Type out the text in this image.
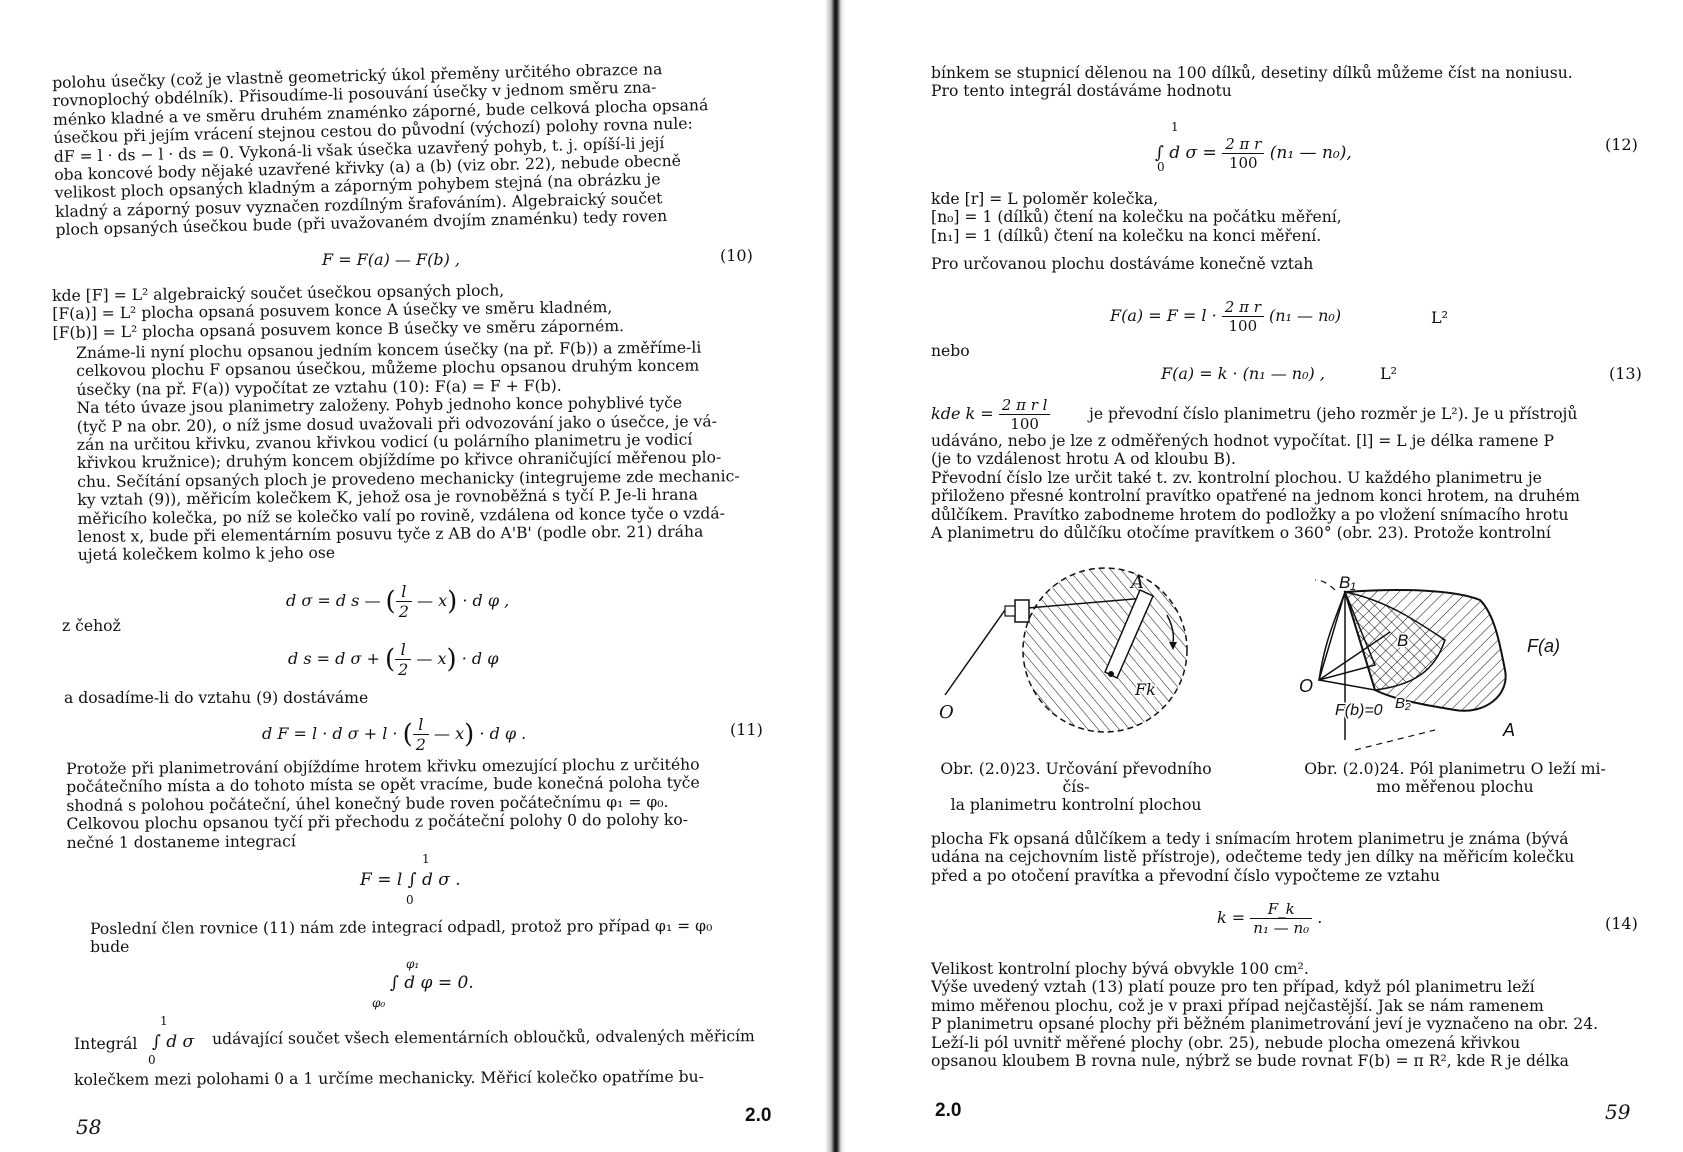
polohu úsečky (což je vlastně geometrický úkol přeměny určitého obrazce na
rovnoplochý obdélník). Přisoudíme-li posouvání úsečky v jednom směru zna-
ménko kladné a ve směru druhém znaménko záporné, bude celková plocha opsaná
úsečkou při jejím vrácení stejnou cestou do původní (výchozí) polohy rovna nule:
dF = l · ds − l · ds = 0. Vykoná-li však úsečka uzavřený pohyb, t. j. opíší-li její
oba koncové body nějaké uzavřené křivky (a) a (b) (viz obr. 22), nebude obecně
velikost ploch opsaných kladným a záporným pohybem stejná (na obrázku je
kladný a záporný posuv vyznačen rozdílným šrafováním). Algebraický součet
ploch opsaných úsečkou bude (při uvažovaném dvojím znaménku) tedy roven
F = F(a) — F(b) ,	(10)
kde [F] = L² algebraický součet úsečkou opsaných ploch,
[F(a)] = L² plocha opsaná posuvem konce A úsečky ve směru kladném,
[F(b)] = L² plocha opsaná posuvem konce B úsečky ve směru záporném.
Známe-li nyní plochu opsanou jedním koncem úsečky (na př. F(b)) a změříme-li
celkovou plochu F opsanou úsečkou, můžeme plochu opsanou druhým koncem
úsečky (na př. F(a)) vypočítat ze vztahu (10): F(a) = F + F(b).
Na této úvaze jsou planimetry založeny. Pohyb jednoho konce pohyblivé tyče
(tyč P na obr. 20), o níž jsme dosud uvažovali při odvozování jako o úsečce, je vá-
zán na určitou křivku, zvanou křivkou vodicí (u polárního planimetru je vodicí
křivkou kružnice); druhým koncem objíždíme po křivce ohraničující měřenou plo-
chu. Sečítání opsaných ploch je provedeno mechanicky (integrujeme zde mechanic-
ky vztah (9)), měřicím kolečkem K, jehož osa je rovnoběžná s tyčí P. Je-li hrana
měřicího kolečka, po níž se kolečko valí po rovině, vzdálena od konce tyče o vzdá-
lenost x, bude při elementárním posuvu tyče z AB do A'B' (podle obr. 21) dráha
ujetá kolečkem kolmo k jeho ose
d σ = d s — ( $\frac{l}{2}$ — x) · d φ ,
z čehož
d s = d σ + ( $\frac{l}{2}$ — x) · d φ
a dosadíme-li do vztahu (9) dostáváme
d F = l · d σ + l · ( $\frac{l}{2}$ — x) · d φ .	(11)
Protože při planimetrování objíždíme hrotem křivku omezující plochu z určitého
počátečního místa a do tohoto místa se opět vracíme, bude konečná poloha tyče
shodná s polohou počáteční, úhel konečný bude roven počátečnímu φ₁ = φ₀.
Celkovou plochu opsanou tyčí při přechodu z počáteční polohy 0 do polohy ko-
nečné 1 dostaneme integrací
F = l ∫ d σ .
1
0
Poslední člen rovnice (11) nám zde integrací odpadl, protož pro případ φ₁ = φ₀
bude
∫ d φ = 0.
φ₁
φ₀
Integrál ∫ d σ
1
0
udávající součet všech elementárních obloučků, odvalených měřicím
kolečkem mezi polohami 0 a 1 určíme mechanicky. Měřicí kolečko opatříme bu-
58	2.0
bínkem se stupnicí dělenou na 100 dílků, desetiny dílků můžeme číst na noniusu.
Pro tento integrál dostáváme hodnotu
∫ d $\sigma = \frac{\text{2 π r}}{100} (n_1$ — n₀),
1
0
(12)
kde [r] = L poloměr kolečka,
[n₀] = 1 (dílků) čtení na kolečku na počátku měření,
[n₁] = 1 (dílků) čtení na kolečku na konci měření.
Pro určovanou plochu dostáváme konečně vztah
$F(a) = F = l \cdot \frac{\text{2 π r}}{100} (n_1$ — n₀)	L²
nebo
F(a) = k · (n₁ — n₀) ,	L²	(13)
kde $k = \frac{\text{2 π r l}}{100}$ je převodní číslo planimetru (jeho rozměr je L²). Je u přístrojů
udáváno, nebo je lze z odměřených hodnot vypočítat. [l] = L je délka ramene P
(je to vzdálenost hrotu A od kloubu B).
Převodní číslo lze určit také t. zv. kontrolní plochou. U každého planimetru je
přiloženo přesné kontrolní pravítko opatřené na jednom konci hrotem, na druhém
důlčíkem. Pravítko zabodneme hrotem do podložky a po vložení snímacího hrotu
A planimetru do důlčíku otočíme pravítkem o 360° (obr. 23). Protože kontrolní
A
O
Fk
Obr. (2.0)23. Určování převodního čís-
la planimetru kontrolní plochou
B₁
B
O
F(a)
F(b)=0 B₂
A
Obr. (2.0)24. Pól planimetru O leží mi-
mo měřenou plochu
plocha Fk opsaná důlčíkem a tedy i snímacím hrotem planimetru je známa (bývá
udána na cejchovním listě přístroje), odečteme tedy jen dílky na měřicím kolečku
před a po otočení pravítka a převodní číslo vypočteme ze vztahu
$k = \frac{F\_k}{\text{n₁ — n₀}}$ .	(14)
Velikost kontrolní plochy bývá obvykle 100 cm².
Výše uvedený vztah (13) platí pouze pro ten případ, když pól planimetru leží
mimo měřenou plochu, což je v praxi případ nejčastější. Jak se nám ramenem
P planimetru opsané plochy při běžném planimetrování jeví je vyznačeno na obr. 24.
Leží-li pól uvnitř měřené plochy (obr. 25), nebude plocha omezená křivkou
opsanou kloubem B rovna nule, nýbrž se bude rovnat F(b) = π R², kde R je délka
2.0	59
